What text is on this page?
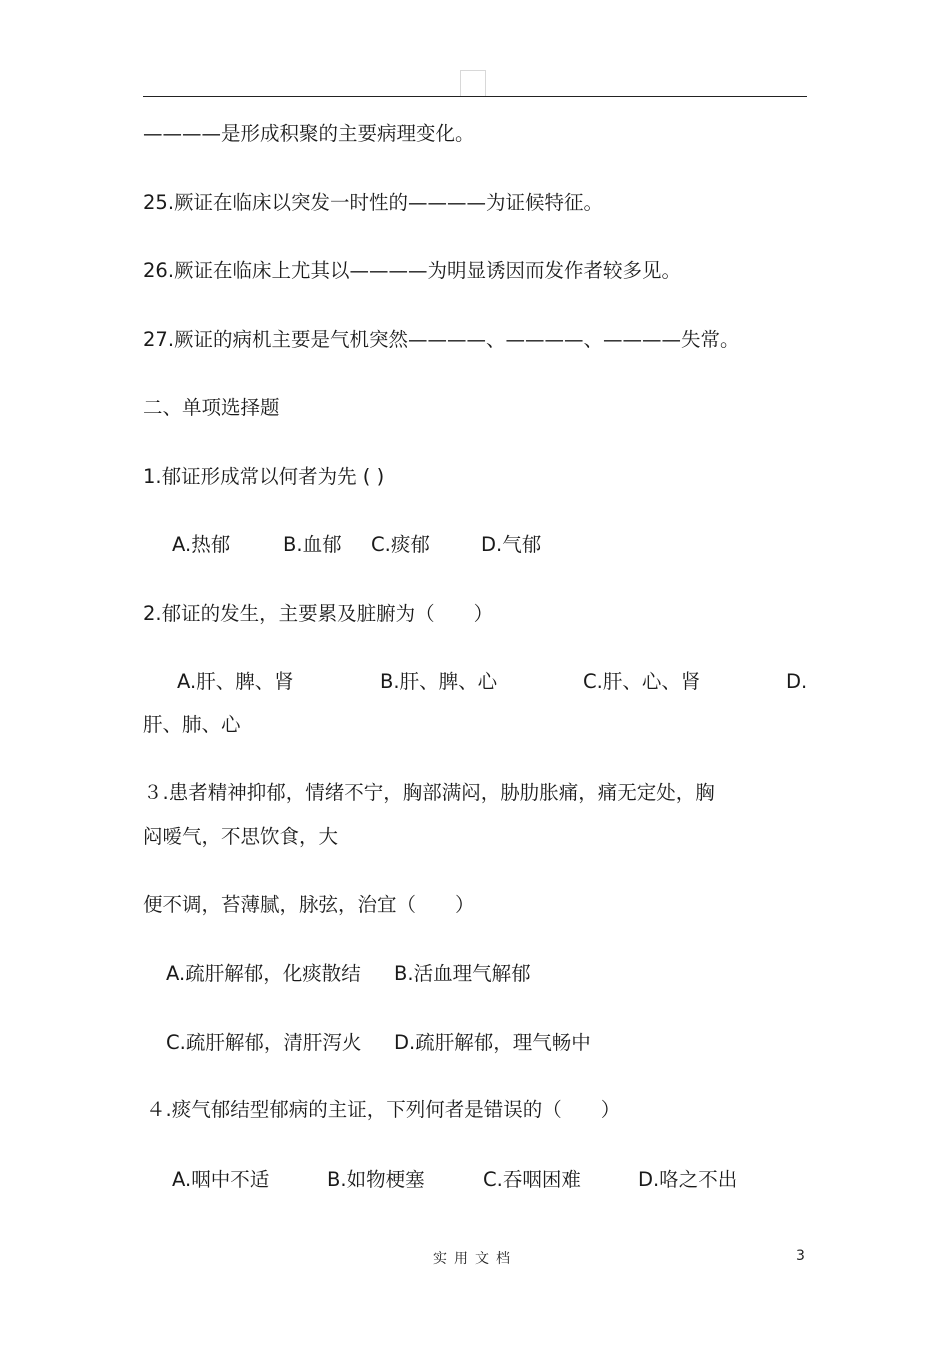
————是形成积聚的主要病理变化。
25.厥证在临床以突发一时性的————为证候特征。
26.厥证在临床上尤其以————为明显诱因而发作者较多见。
27.厥证的病机主要是气机突然————、————、————失常。
二、单项选择题
1.郁证形成常以何者为先 ( )
A.热郁	B.血郁 C.痰郁	D.气郁
2.郁证的发生，主要累及脏腑为（　　）
A.肝、脾、肾	B.肝、脾、心	C.肝、心、肾	D.
肝、肺、心
３.患者精神抑郁，情绪不宁，胸部满闷，胁肋胀痛，痛无定处，胸
闷嗳气，不思饮食，大
便不调，苔薄腻，脉弦，治宜（　　）
A.疏肝解郁，化痰散结 B.活血理气解郁
C.疏肝解郁，清肝泻火 D.疏肝解郁，理气畅中
４.痰气郁结型郁病的主证，下列何者是错误的（　　）
A.咽中不适	B.如物梗塞	C.吞咽困难	D.咯之不出
实用文档	3
